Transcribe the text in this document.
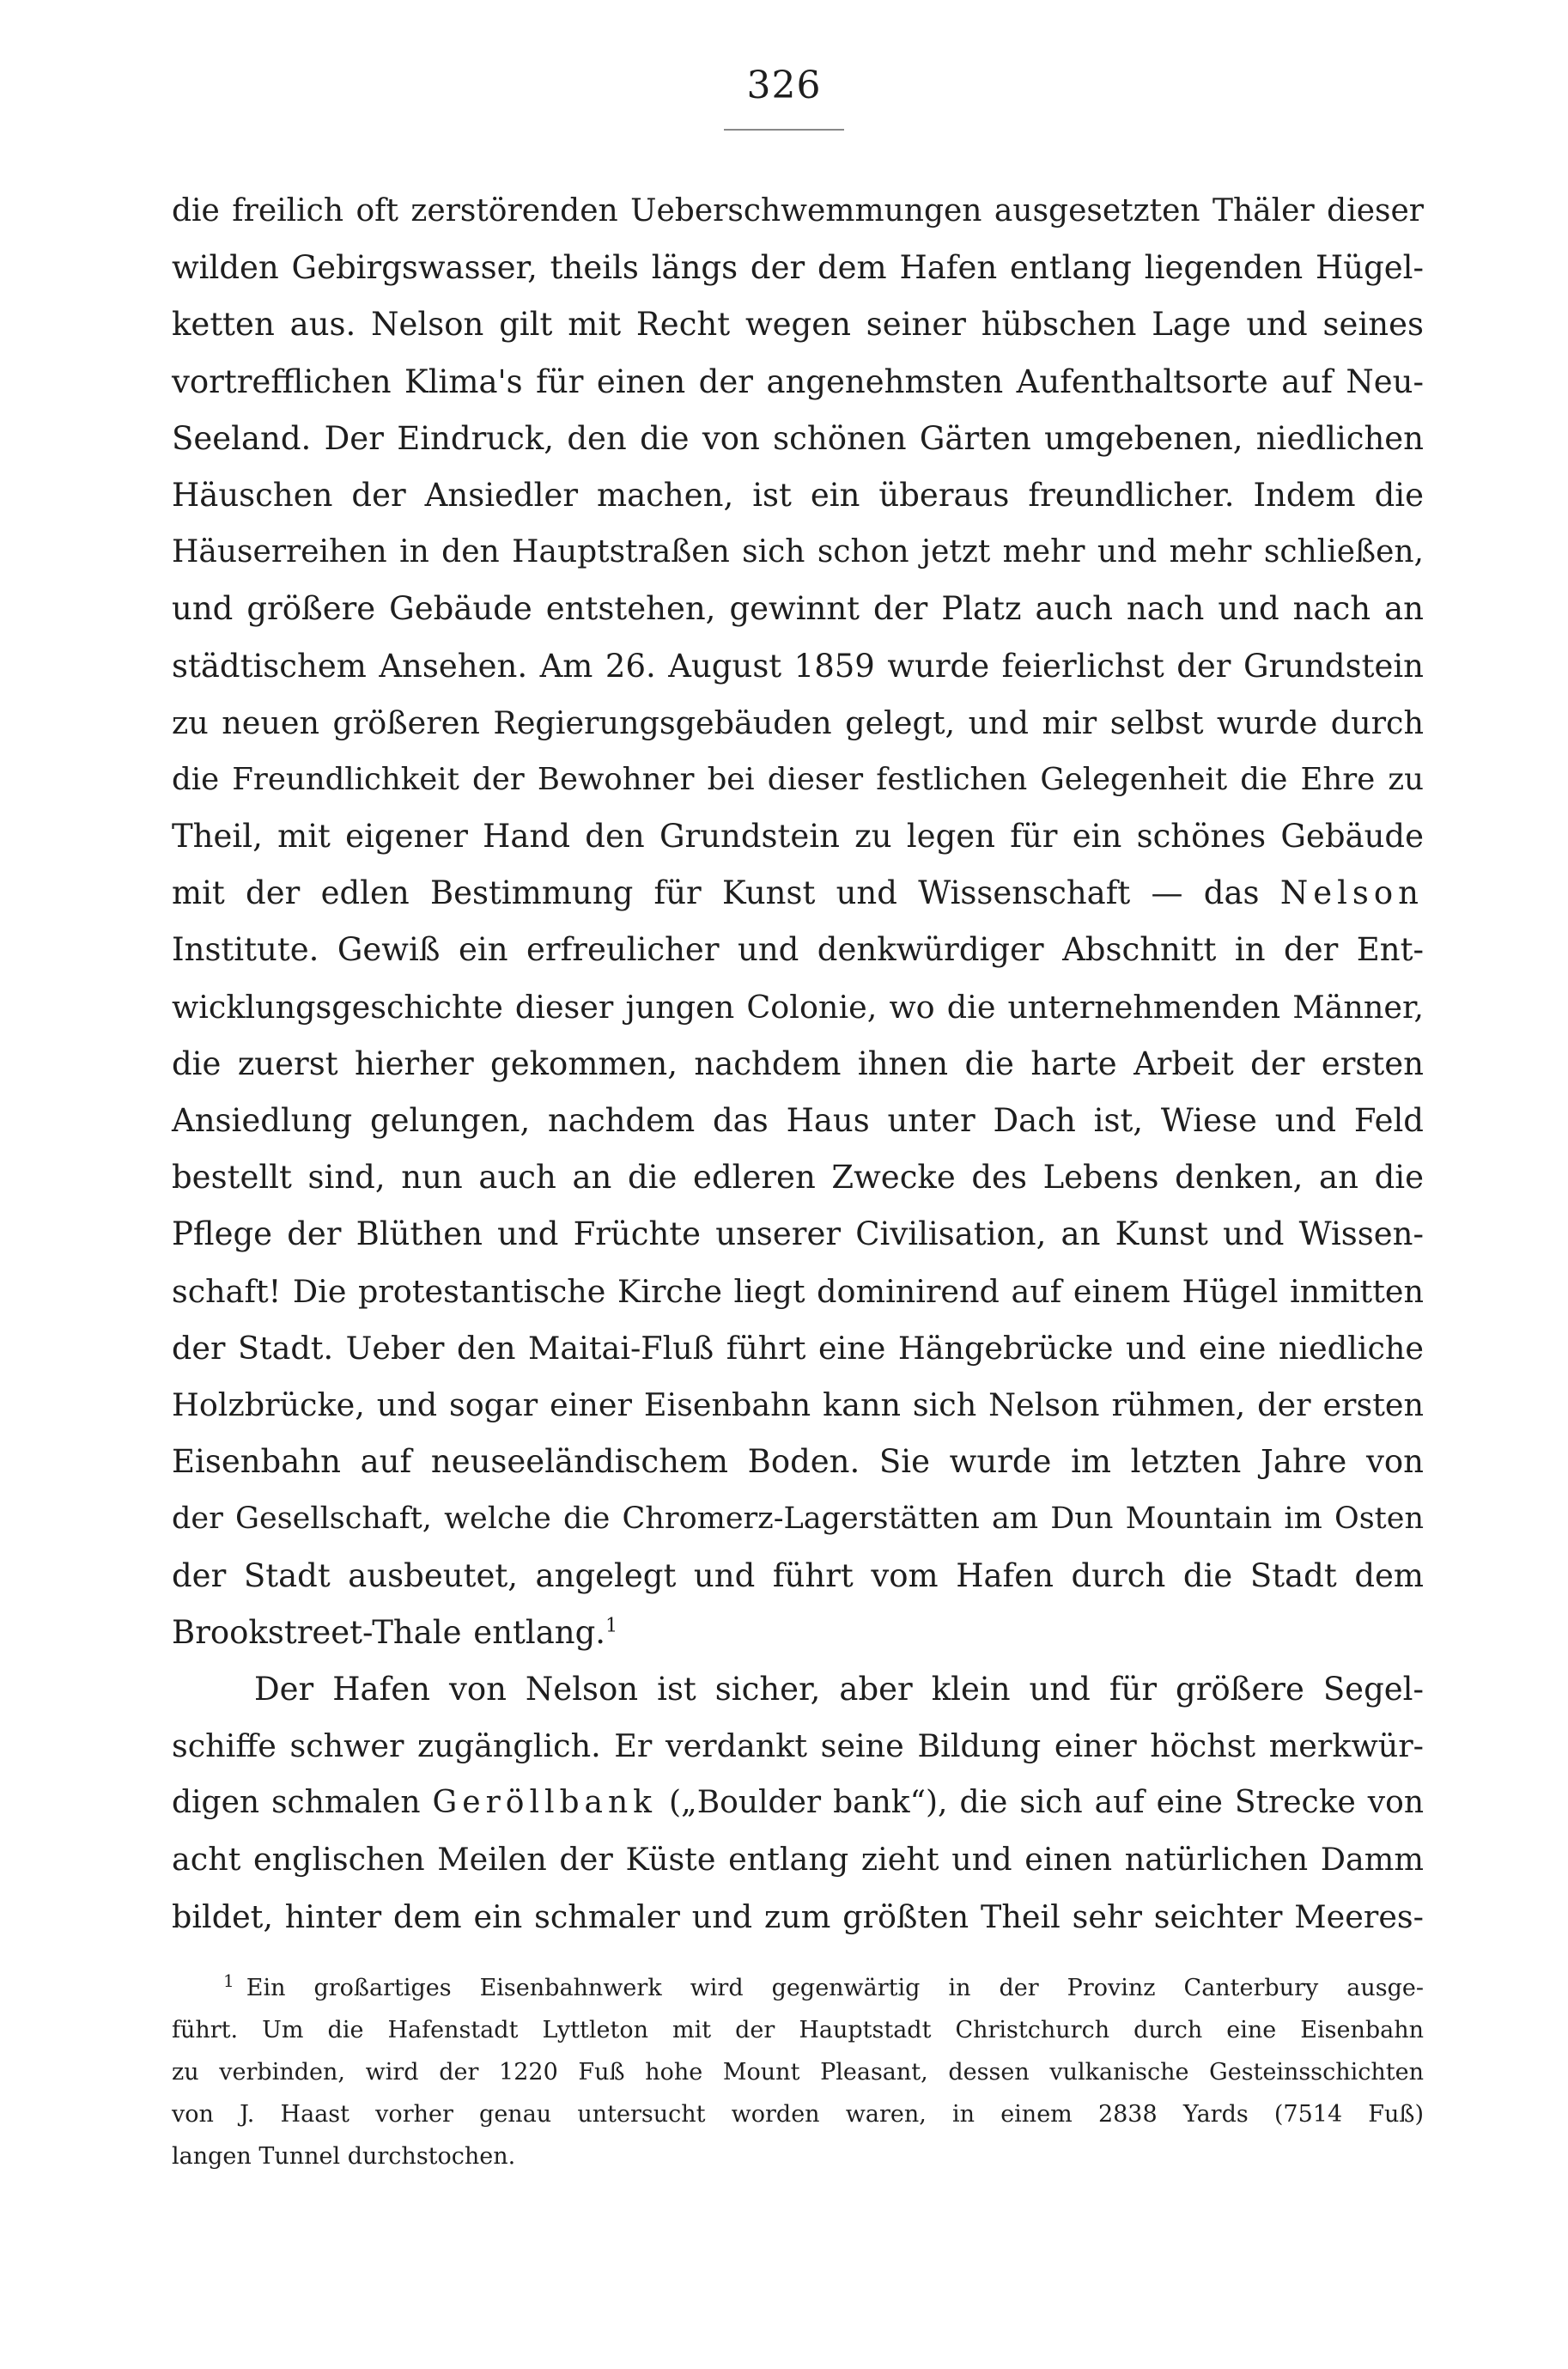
326
die freilich oft zerstörenden Ueberschwemmungen ausgesetzten Thäler dieser
wilden Gebirgswasser, theils längs der dem Hafen entlang liegenden Hügel-
ketten aus. Nelson gilt mit Recht wegen seiner hübschen Lage und seines
vortrefflichen Klima's für einen der angenehmsten Aufenthaltsorte auf Neu-
Seeland. Der Eindruck, den die von schönen Gärten umgebenen, niedlichen
Häuschen der Ansiedler machen, ist ein überaus freundlicher. Indem die
Häuserreihen in den Hauptstraßen sich schon jetzt mehr und mehr schließen,
und größere Gebäude entstehen, gewinnt der Platz auch nach und nach an
städtischem Ansehen. Am 26. August 1859 wurde feierlichst der Grundstein
zu neuen größeren Regierungsgebäuden gelegt, und mir selbst wurde durch
die Freundlichkeit der Bewohner bei dieser festlichen Gelegenheit die Ehre zu
Theil, mit eigener Hand den Grundstein zu legen für ein schönes Gebäude
mit der edlen Bestimmung für Kunst und Wissenschaft — das Nelson
Institute. Gewiß ein erfreulicher und denkwürdiger Abschnitt in der Ent-
wicklungsgeschichte dieser jungen Colonie, wo die unternehmenden Männer,
die zuerst hierher gekommen, nachdem ihnen die harte Arbeit der ersten
Ansiedlung gelungen, nachdem das Haus unter Dach ist, Wiese und Feld
bestellt sind, nun auch an die edleren Zwecke des Lebens denken, an die
Pflege der Blüthen und Früchte unserer Civilisation, an Kunst und Wissen-
schaft! Die protestantische Kirche liegt dominirend auf einem Hügel inmitten
der Stadt. Ueber den Maitai-Fluß führt eine Hängebrücke und eine niedliche
Holzbrücke, und sogar einer Eisenbahn kann sich Nelson rühmen, der ersten
Eisenbahn auf neuseeländischem Boden. Sie wurde im letzten Jahre von
der Gesellschaft, welche die Chromerz-Lagerstätten am Dun Mountain im Osten
der Stadt ausbeutet, angelegt und führt vom Hafen durch die Stadt dem
Brookstreet-Thale entlang.$^1$
Der Hafen von Nelson ist sicher, aber klein und für größere Segel-
schiffe schwer zugänglich. Er verdankt seine Bildung einer höchst merkwür-
digen schmalen Geröllbank („Boulder bank“), die sich auf eine Strecke von
acht englischen Meilen der Küste entlang zieht und einen natürlichen Damm
bildet, hinter dem ein schmaler und zum größten Theil sehr seichter Meeres-
$^1$ Ein großartiges Eisenbahnwerk wird gegenwärtig in der Provinz Canterbury ausge-
führt. Um die Hafenstadt Lyttleton mit der Hauptstadt Christchurch durch eine Eisenbahn
zu verbinden, wird der 1220 Fuß hohe Mount Pleasant, dessen vulkanische Gesteinsschichten
von J. Haast vorher genau untersucht worden waren, in einem 2838 Yards (7514 Fuß)
langen Tunnel durchstochen.
